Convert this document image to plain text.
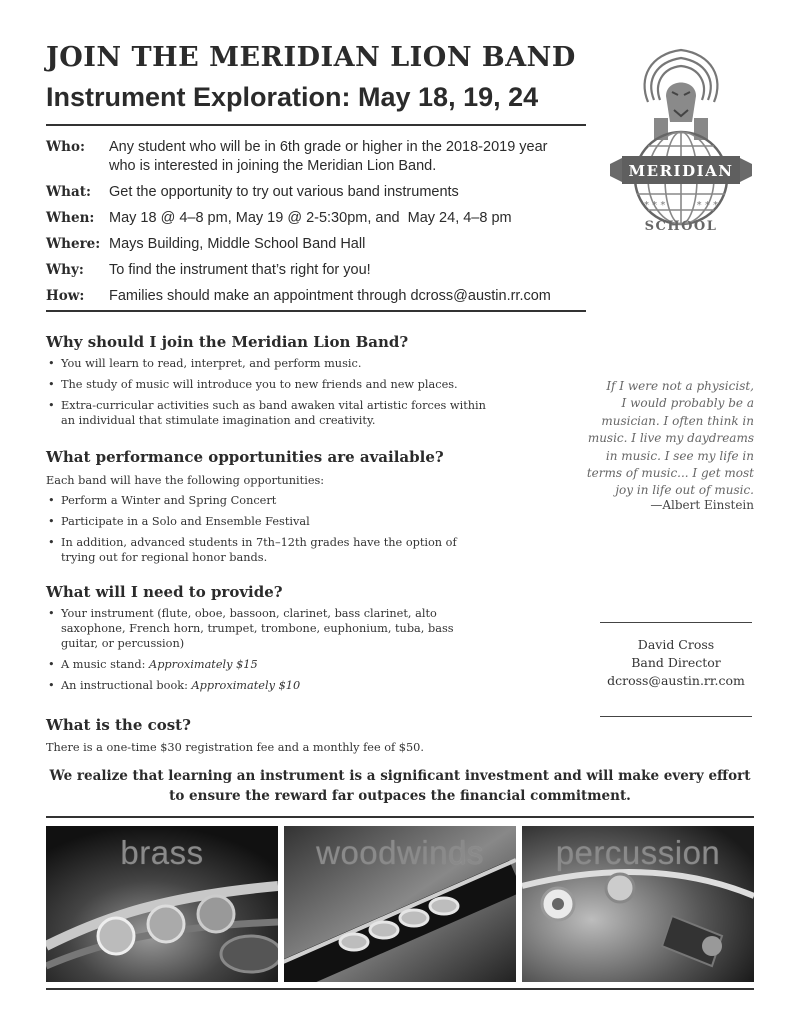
JOIN THE MERIDIAN LION BAND
Instrument Exploration: May 18, 19, 24
Who:	Any student who will be in 6th grade or higher in the 2018-2019 year who is interested in joining the Meridian Lion Band.
What:	Get the opportunity to try out various band instruments
When:	May 18 @ 4–8 pm, May 19 @ 2-5:30pm, and  May 24, 4–8 pm
Where: Mays Building, Middle School Band Hall
Why:	To find the instrument that’s right for you!
How:	Families should make an appointment through dcross@austin.rr.com
MERIDIAN
* * *	* * *
SCHOOL
Why should I join the Meridian Lion Band?
• You will learn to read, interpret, and perform music.
• The study of music will introduce you to new friends and new places.
• Extra-curricular activities such as band awaken vital artistic forces within an individual that stimulate imagination and creativity.
What performance opportunities are available?

Each band will have the following opportunities:

• Perform a Winter and Spring Concert
• Participate in a Solo and Ensemble Festival
• In addition, advanced students in 7th–12th grades have the option of trying out for regional honor bands.
What will I need to provide?
• Your instrument (flute, oboe, bassoon, clarinet, bass clarinet, alto saxophone, French horn, trumpet, trombone, euphonium, tuba, bass guitar, or percussion)
• A music stand: Approximately $15
• An instructional book: Approximately $10
What is the cost?

There is a one-time $30 registration fee and a monthly fee of $50.

If I were not a physicist,
I would probably be a
musician. I often think in
music. I live my daydreams
in music. I see my life in
terms of music... I get most
joy in life out of music.
—Albert Einstein
David Cross
Band Director
dcross@austin.rr.com

We realize that learning an instrument is a significant investment and will make every effort to ensure the reward far outpaces the financial commitment.

brass	woodwinds	percussion
